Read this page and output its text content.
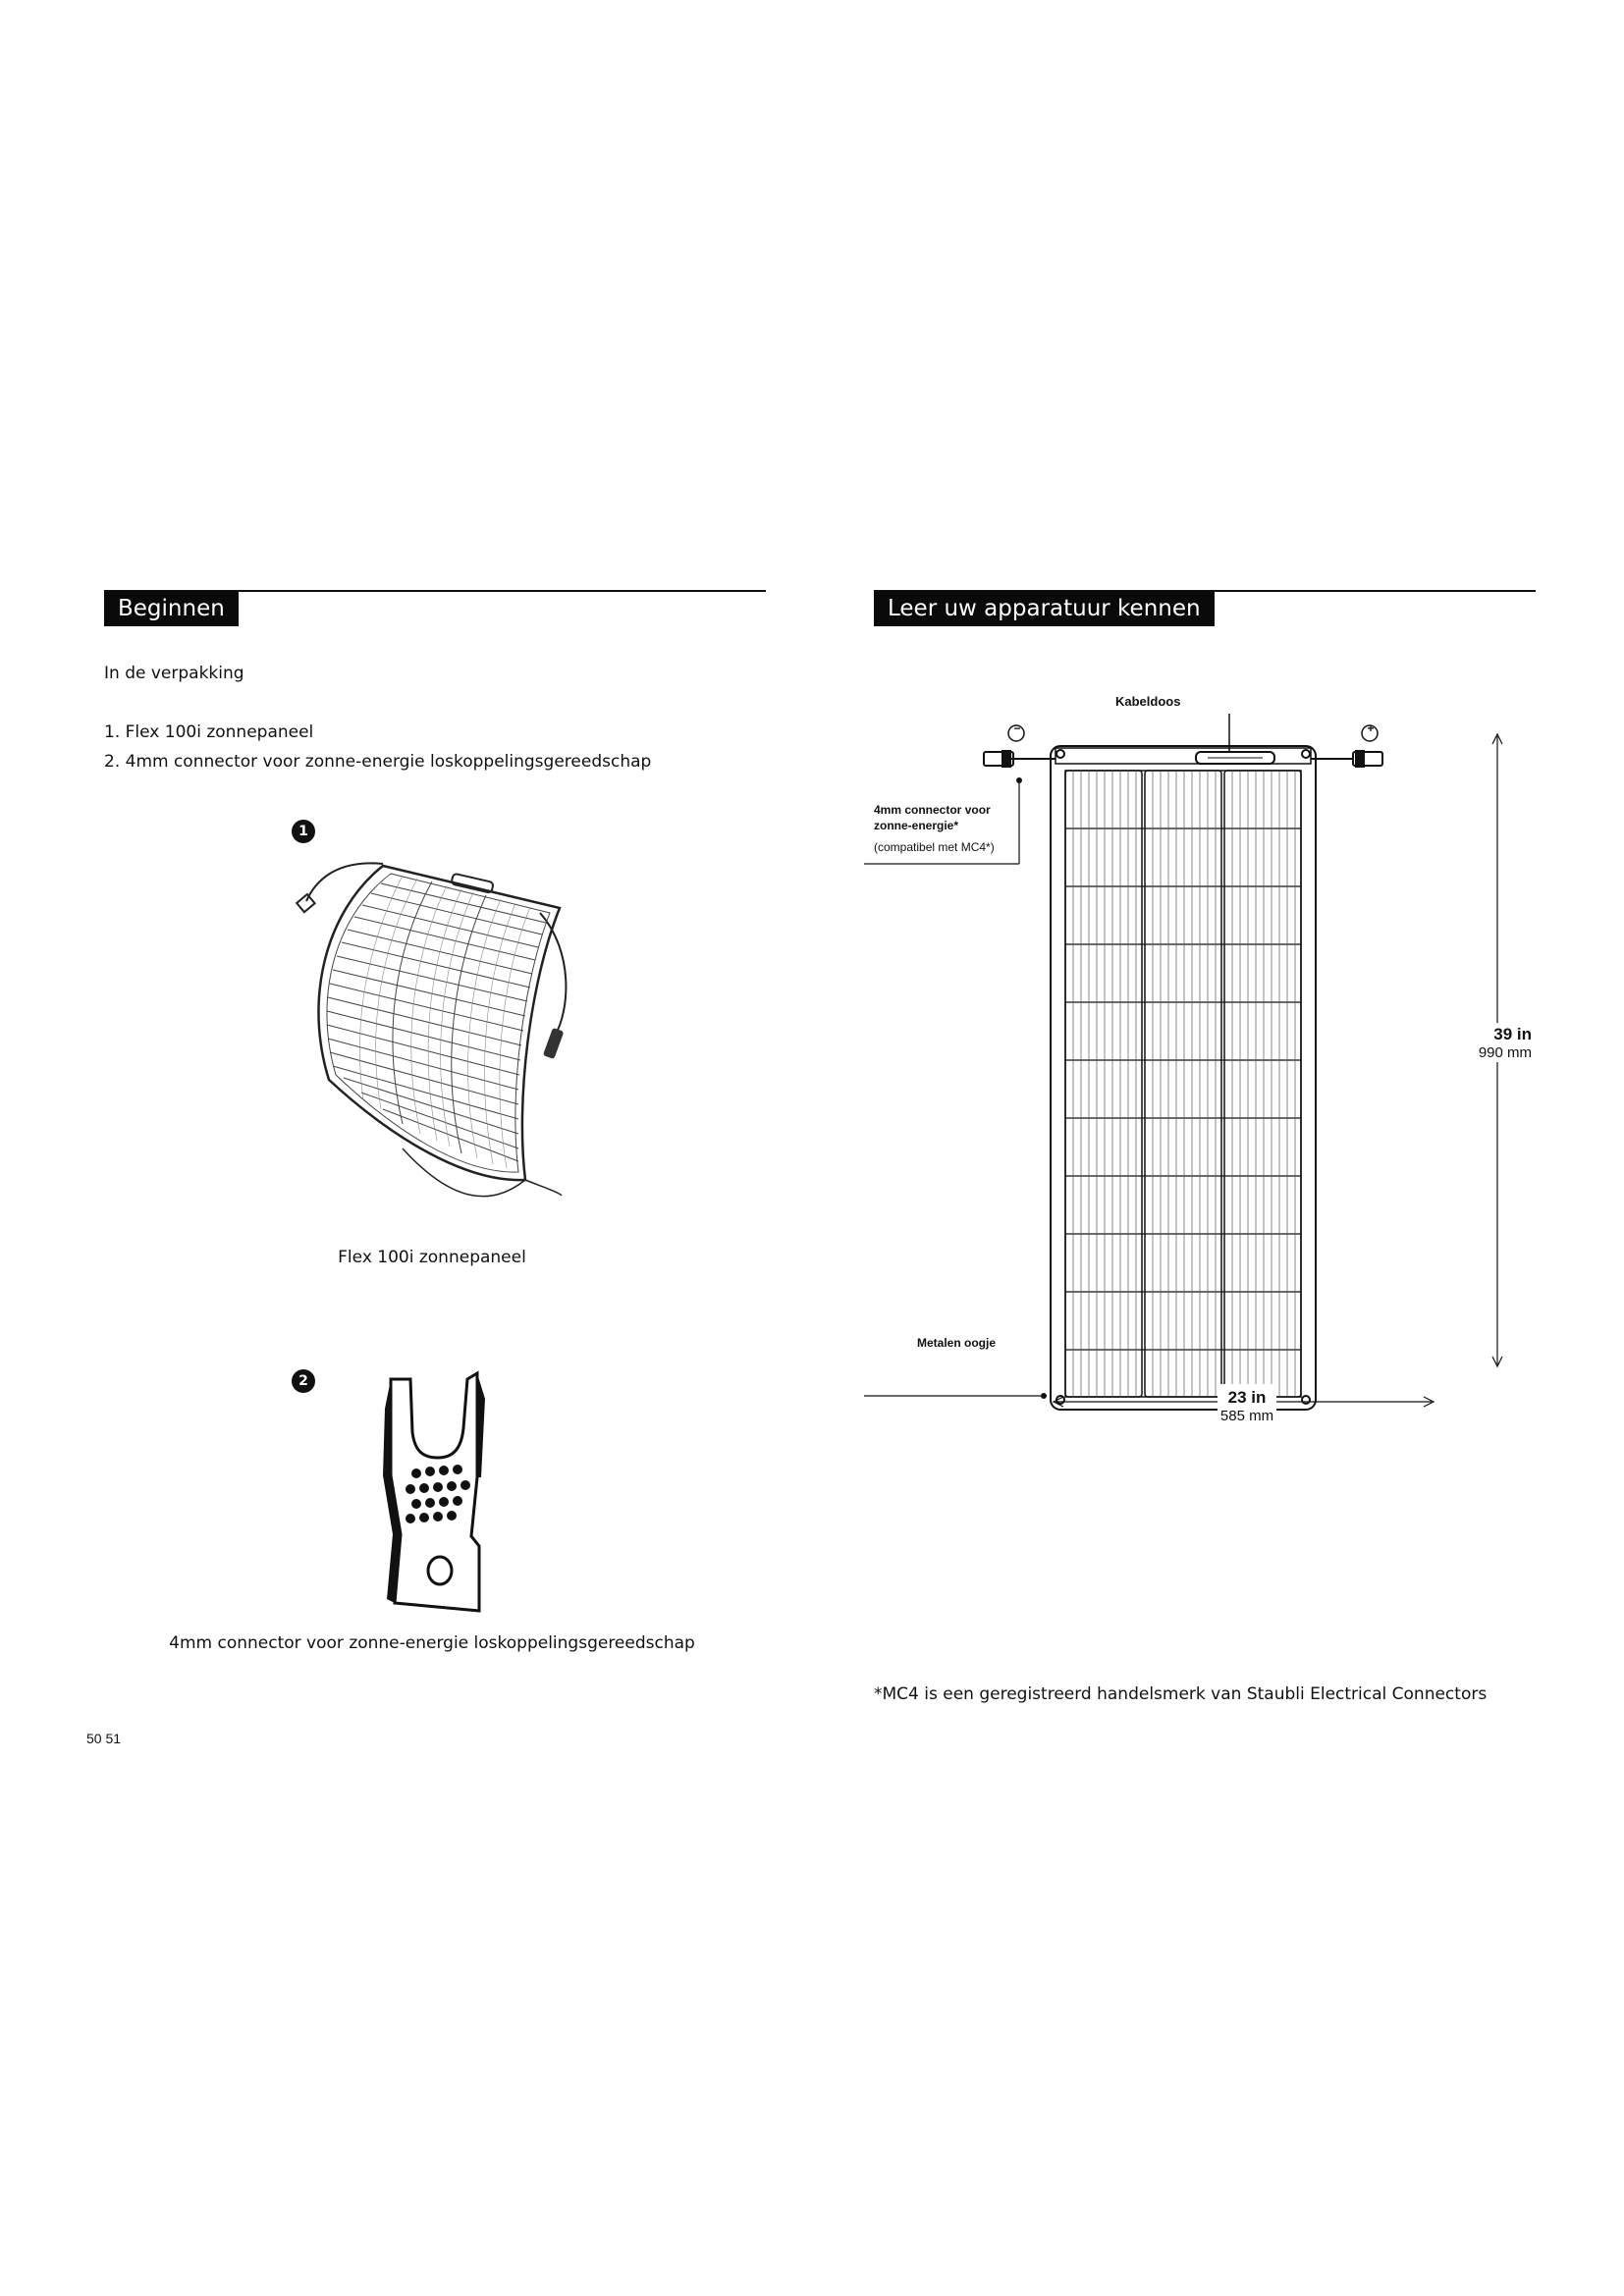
Beginnen
In de verpakking
1. Flex 100i zonnepaneel
2. 4mm connector voor zonne-energie loskoppelingsgereedschap
1
Flex 100i zonnepaneel
2
4mm connector voor zonne-energie loskoppelingsgereedschap
50 51
Leer uw apparatuur kennen
Kabeldoos
−	+
4mm connector voor
zonne-energie*
(compatibel met MC4*)
Metalen oogje
39 in
990 mm
23 in
585 mm
*MC4 is een geregistreerd handelsmerk van Staubli Electrical Connectors
